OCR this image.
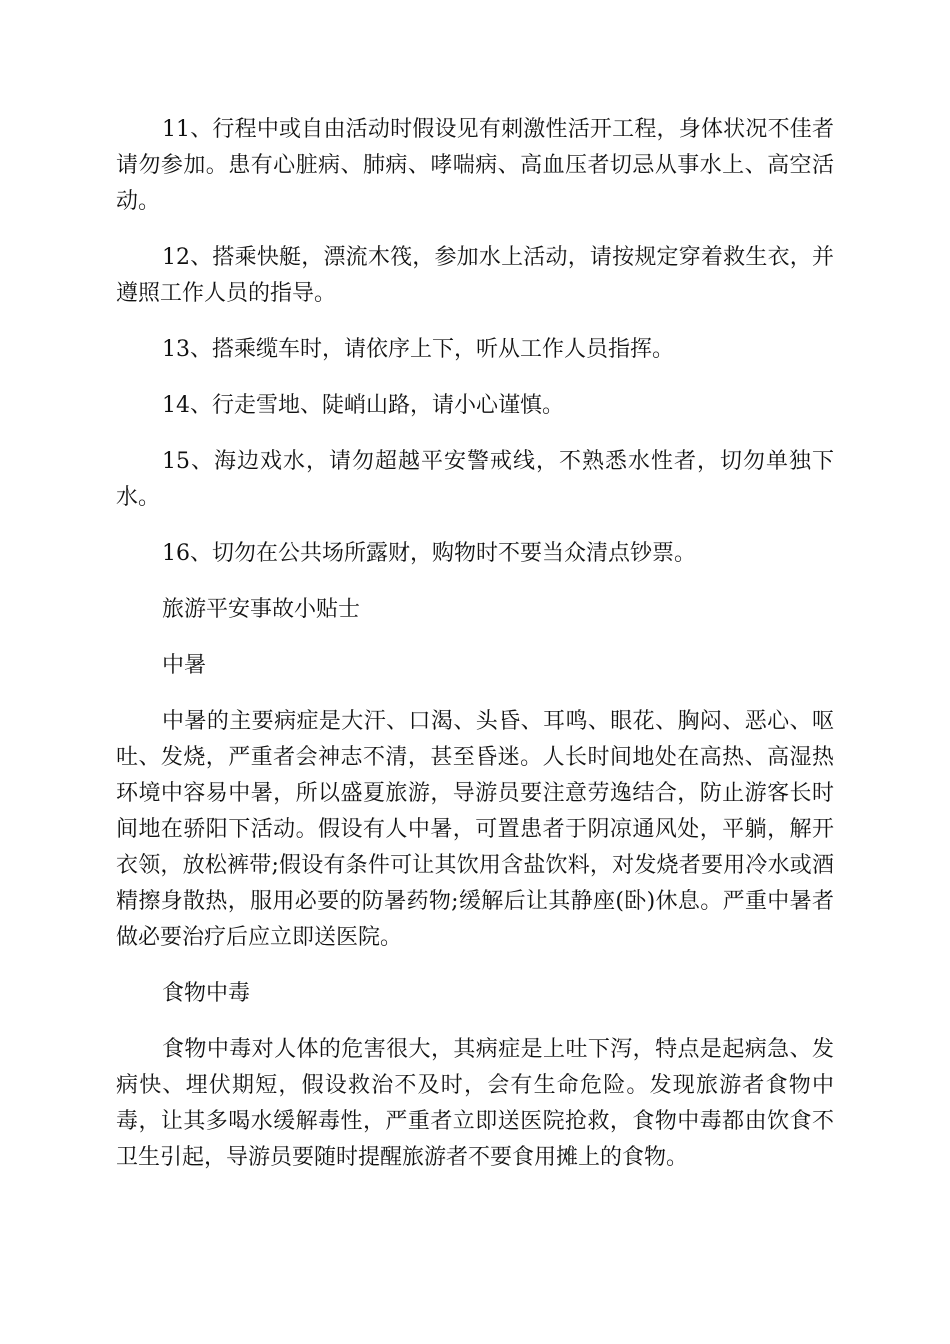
11、行程中或自由活动时假设见有刺激性活开工程，身体状况不佳者请勿参加。患有心脏病、肺病、哮喘病、高血压者切忌从事水上、高空活动。

12、搭乘快艇，漂流木筏，参加水上活动，请按规定穿着救生衣，并遵照工作人员的指导。

13、搭乘缆车时，请依序上下，听从工作人员指挥。

14、行走雪地、陡峭山路，请小心谨慎。

15、海边戏水，请勿超越平安警戒线，不熟悉水性者，切勿单独下水。

16、切勿在公共场所露财，购物时不要当众清点钞票。

旅游平安事故小贴士

中暑

中暑的主要病症是大汗、口渴、头昏、耳鸣、眼花、胸闷、恶心、呕吐、发烧，严重者会神志不清，甚至昏迷。人长时间地处在高热、高湿热环境中容易中暑，所以盛夏旅游，导游员要注意劳逸结合，防止游客长时间地在骄阳下活动。假设有人中暑，可置患者于阴凉通风处，平躺，解开衣领，放松裤带;假设有条件可让其饮用含盐饮料，对发烧者要用冷水或酒精擦身散热，服用必要的防暑药物;缓解后让其静座(卧)休息。严重中暑者做必要治疗后应立即送医院。

食物中毒

食物中毒对人体的危害很大，其病症是上吐下泻，特点是起病急、发病快、埋伏期短，假设救治不及时，会有生命危险。发现旅游者食物中毒，让其多喝水缓解毒性，严重者立即送医院抢救，食物中毒都由饮食不卫生引起，导游员要随时提醒旅游者不要食用摊上的食物。
